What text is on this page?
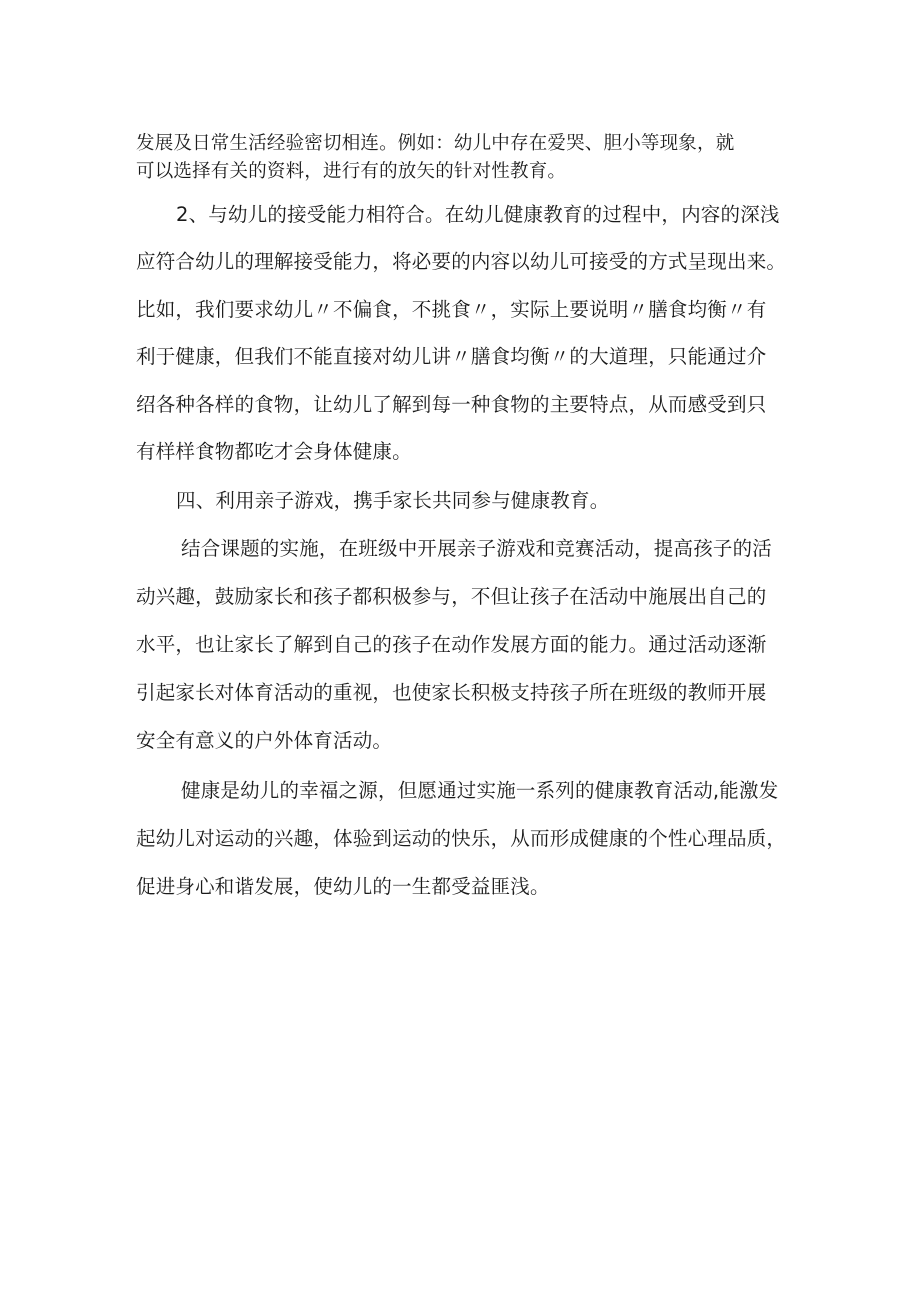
发展及日常生活经验密切相连。例如：幼儿中存在爱哭、胆小等现象，就

可以选择有关的资料，进行有的放矢的针对性教育。

2、与幼儿的接受能力相符合。在幼儿健康教育的过程中，内容的深浅

应符合幼儿的理解接受能力，将必要的内容以幼儿可接受的方式呈现出来。

比如，我们要求幼儿〃不偏食，不挑食〃，实际上要说明〃膳食均衡〃有

利于健康，但我们不能直接对幼儿讲〃膳食均衡〃的大道理，只能通过介

绍各种各样的食物，让幼儿了解到每一种食物的主要特点，从而感受到只

有样样食物都吃才会身体健康。

四、利用亲子游戏，携手家长共同参与健康教育。

结合课题的实施，在班级中开展亲子游戏和竞赛活动，提高孩子的活

动兴趣，鼓励家长和孩子都积极参与，不但让孩子在活动中施展出自己的

水平，也让家长了解到自己的孩子在动作发展方面的能力。通过活动逐渐

引起家长对体育活动的重视，也使家长积极支持孩子所在班级的教师开展

安全有意义的户外体育活动。

健康是幼儿的幸福之源，但愿通过实施一系列的健康教育活动,能激发

起幼儿对运动的兴趣，体验到运动的快乐，从而形成健康的个性心理品质，

促进身心和谐发展，使幼儿的一生都受益匪浅。
